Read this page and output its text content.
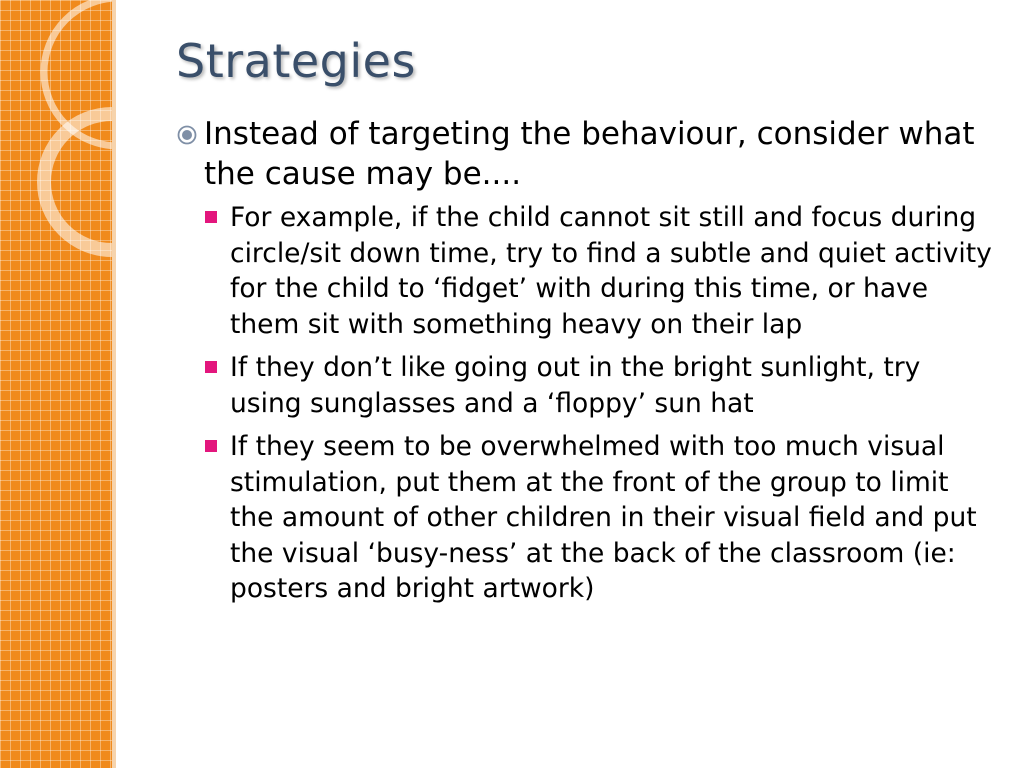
Strategies
Instead of targeting the behaviour, consider what the cause may be....
For example, if the child cannot sit still and focus during circle/sit down time, try to find a subtle and quiet activity for the child to ‘fidget’ with during this time, or have them sit with something heavy on their lap
If they don’t like going out in the bright sunlight, try using sunglasses and a ‘floppy’ sun hat
If they seem to be overwhelmed with too much visual stimulation, put them at the front of the group to limit the amount of other children in their visual field and put the visual ‘busy-ness’ at the back of the classroom (ie: posters and bright artwork)
